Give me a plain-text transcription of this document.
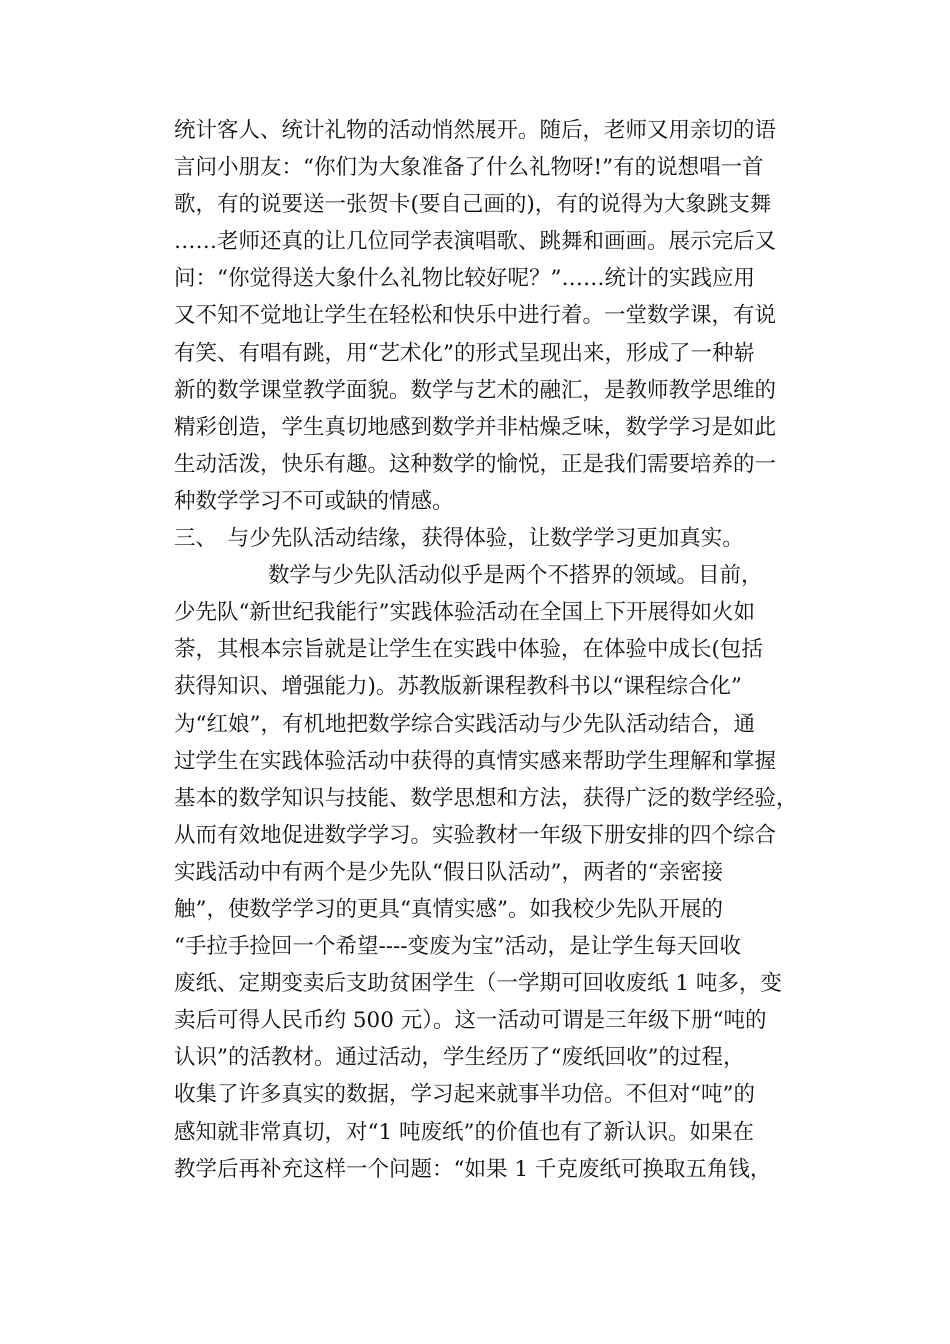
统计客人、统计礼物的活动悄然展开。随后，老师又用亲切的语
言问小朋友：“你们为大象准备了什么礼物呀!”有的说想唱一首
歌，有的说要送一张贺卡(要自己画的)，有的说得为大象跳支舞
……老师还真的让几位同学表演唱歌、跳舞和画画。展示完后又
问：“你觉得送大象什么礼物比较好呢？”……统计的实践应用
又不知不觉地让学生在轻松和快乐中进行着。一堂数学课，有说
有笑、有唱有跳，用“艺术化”的形式呈现出来，形成了一种崭
新的数学课堂教学面貌。数学与艺术的融汇，是教师教学思维的
精彩创造，学生真切地感到数学并非枯燥乏味，数学学习是如此
生动活泼，快乐有趣。这种数学的愉悦，正是我们需要培养的一
种数学学习不可或缺的情感。
三、　与少先队活动结缘，获得体验，让数学学习更加真实。
数学与少先队活动似乎是两个不搭界的领域。目前，
少先队“新世纪我能行”实践体验活动在全国上下开展得如火如
荼，其根本宗旨就是让学生在实践中体验，在体验中成长(包括
获得知识、增强能力)。苏教版新课程教科书以“课程综合化”
为“红娘”，有机地把数学综合实践活动与少先队活动结合，通
过学生在实践体验活动中获得的真情实感来帮助学生理解和掌握
基本的数学知识与技能、数学思想和方法，获得广泛的数学经验，
从而有效地促进数学学习。实验教材一年级下册安排的四个综合
实践活动中有两个是少先队“假日队活动”，两者的“亲密接
触”，使数学学习的更具“真情实感”。如我校少先队开展的
“手拉手捡回一个希望----变废为宝”活动，是让学生每天回收
废纸、定期变卖后支助贫困学生（一学期可回收废纸 1 吨多，变
卖后可得人民币约 500 元）。这一活动可谓是三年级下册“吨的
认识”的活教材。通过活动，学生经历了“废纸回收”的过程，
收集了许多真实的数据，学习起来就事半功倍。不但对“吨”的
感知就非常真切，对“1 吨废纸”的价值也有了新认识。如果在
教学后再补充这样一个问题：“如果 1 千克废纸可换取五角钱，
